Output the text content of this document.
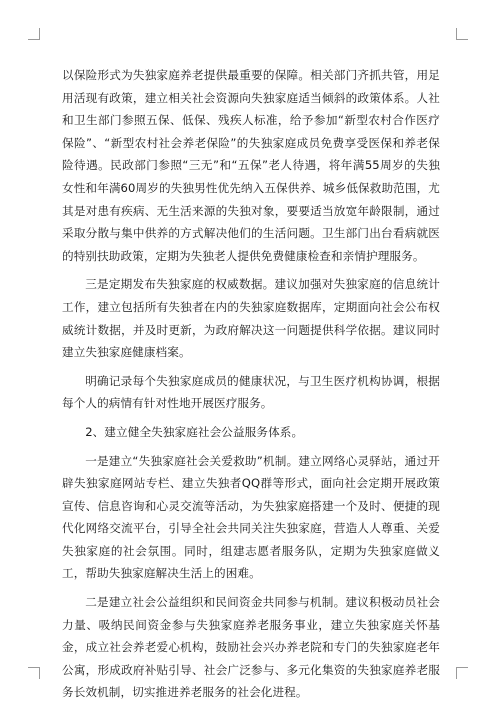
以保险形式为失独家庭养老提供最重要的保障。相关部门齐抓共管，用足用活现有政策，建立相关社会资源向失独家庭适当倾斜的政策体系。人社和卫生部门参照五保、低保、残疾人标准，给予参加“新型农村合作医疗保险”、“新型农村社会养老保险”的失独家庭成员免费享受医保和养老保险待遇。民政部门参照“三无”和“五保”老人待遇，将年满55周岁的失独女性和年满60周岁的失独男性优先纳入五保供养、城乡低保救助范围，尤其是对患有疾病、无生活来源的失独对象，要要适当放宽年龄限制，通过采取分散与集中供养的方式解决他们的生活问题。卫生部门出台看病就医的特别扶助政策，定期为失独老人提供免费健康检查和亲情护理服务。

三是定期发布失独家庭的权威数据。建议加强对失独家庭的信息统计工作，建立包括所有失独者在内的失独家庭数据库，定期面向社会公布权威统计数据，并及时更新，为政府解决这一问题提供科学依据。建议同时建立失独家庭健康档案。

明确记录每个失独家庭成员的健康状况，与卫生医疗机构协调，根据每个人的病情有针对性地开展医疗服务。

2、建立健全失独家庭社会公益服务体系。

一是建立“失独家庭社会关爱救助”机制。建立网络心灵驿站，通过开辟失独家庭网站专栏、建立失独者QQ群等形式，面向社会定期开展政策宣传、信息咨询和心灵交流等活动，为失独家庭搭建一个及时、便捷的现代化网络交流平台，引导全社会共同关注失独家庭，营造人人尊重、关爱失独家庭的社会氛围。同时，组建志愿者服务队，定期为失独家庭做义工，帮助失独家庭解决生活上的困难。

二是建立社会公益组织和民间资金共同参与机制。建议积极动员社会力量、吸纳民间资金参与失独家庭养老服务事业，建立失独家庭关怀基金，成立社会养老爱心机构，鼓励社会兴办养老院和专门的失独家庭老年公寓，形成政府补贴引导、社会广泛参与、多元化集资的失独家庭养老服务长效机制，切实推进养老服务的社会化进程。
